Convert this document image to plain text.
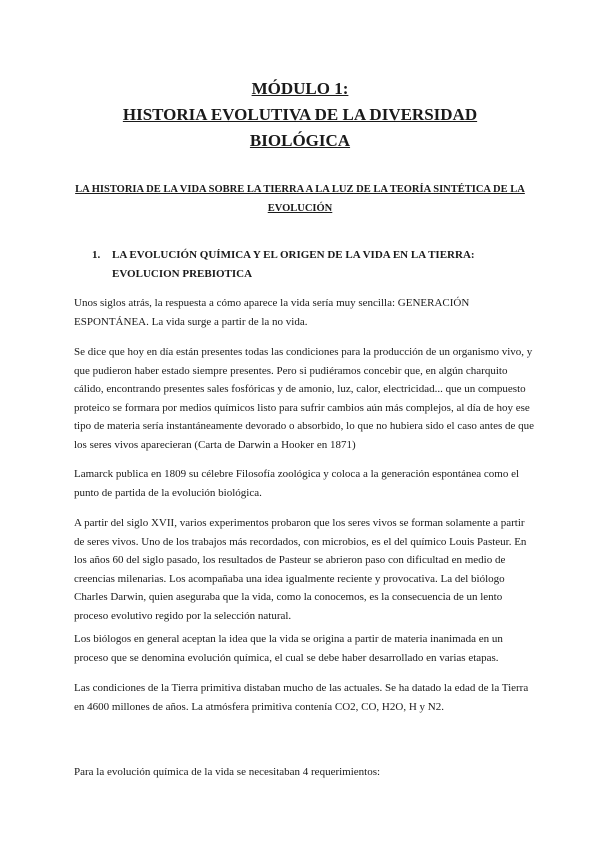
MÓDULO 1:
HISTORIA EVOLUTIVA DE LA DIVERSIDAD
BIOLÓGICA

LA HISTORIA DE LA VIDA SOBRE LA TIERRA A LA LUZ DE LA TEORÍA SINTÉTICA DE LA EVOLUCIÓN

1. LA EVOLUCIÓN QUÍMICA Y EL ORIGEN DE LA VIDA EN LA TIERRA: EVOLUCION PREBIOTICA

Unos siglos atrás, la respuesta a cómo aparece la vida sería muy sencilla: GENERACIÓN ESPONTÁNEA. La vida surge a partir de la no vida.

Se dice que hoy en día están presentes todas las condiciones para la producción de un organismo vivo, y que pudieron haber estado siempre presentes. Pero si pudiéramos concebir que, en algún charquito cálido, encontrando presentes sales fosfóricas y de amonio, luz, calor, electricidad... que un compuesto proteico se formara por medios químicos listo para sufrir cambios aún más complejos, al día de hoy ese tipo de materia sería instantáneamente devorado o absorbido, lo que no hubiera sido el caso antes de que los seres vivos aparecieran (Carta de Darwin a Hooker en 1871)

Lamarck publica en 1809 su célebre Filosofía zoológica y coloca a la generación espontánea como el punto de partida de la evolución biológica.

A partir del siglo XVII, varios experimentos probaron que los seres vivos se forman solamente a partir de seres vivos. Uno de los trabajos más recordados, con microbios, es el del químico Louis Pasteur. En los años 60 del siglo pasado, los resultados de Pasteur se abrieron paso con dificultad en medio de creencias milenarias. Los acompañaba una idea igualmente reciente y provocativa. La del biólogo Charles Darwin, quien aseguraba que la vida, como la conocemos, es la consecuencia de un lento proceso evolutivo regido por la selección natural.

Los biólogos en general aceptan la idea que la vida se origina a partir de materia inanimada en un proceso que se denomina evolución química, el cual se debe haber desarrollado en varias etapas.

Las condiciones de la Tierra primitiva distaban mucho de las actuales. Se ha datado la edad de la Tierra en 4600 millones de años. La atmósfera primitiva contenía CO2, CO, H2O, H y N2.

Para la evolución química de la vida se necesitaban 4 requerimientos:
